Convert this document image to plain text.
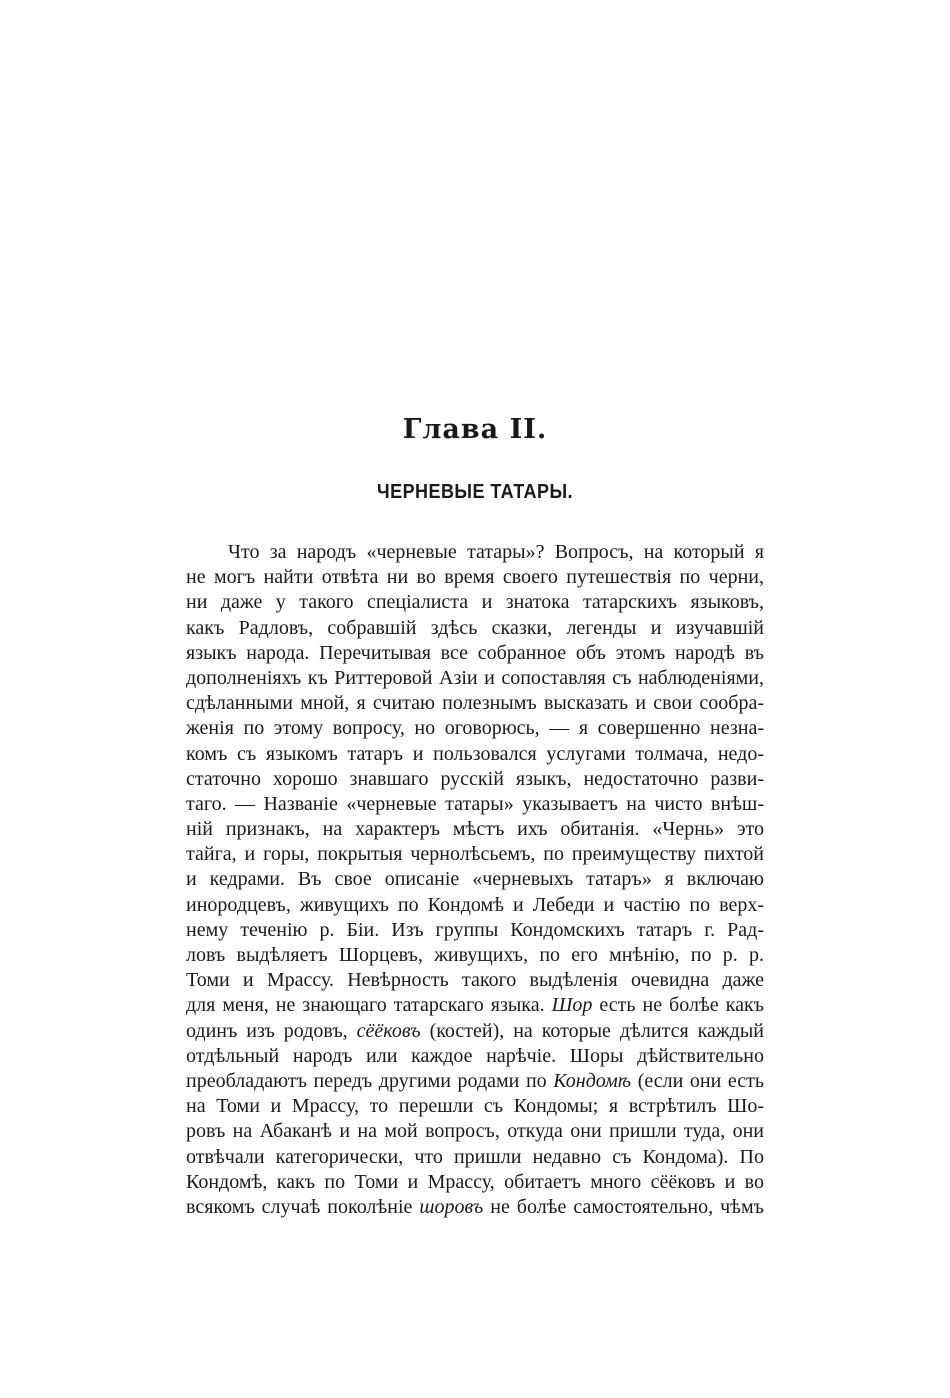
Глава II.
ЧЕРНЕВЫЕ ТАТАРЫ.
Что за народъ «черневые татары»? Вопросъ, на который я
не могъ найти отвѣта ни во время своего путешествія по черни,
ни даже у такого спеціалиста и знатока татарскихъ языковъ,
какъ Радловъ, собравшій здѣсь сказки, легенды и изучавшій
языкъ народа. Перечитывая все собранное объ этомъ народѣ въ
дополненіяхъ къ Риттеровой Азіи и сопоставляя съ наблюденіями,
сдѣланными мной, я считаю полезнымъ высказать и свои сообра-
женія по этому вопросу, но оговорюсь, — я совершенно незна-
комъ съ языкомъ татаръ и пользовался услугами толмача, недо-
статочно хорошо знавшаго русскій языкъ, недостаточно разви-
таго. — Названіе «черневые татары» указываетъ на чисто внѣш-
ній признакъ, на характеръ мѣстъ ихъ обитанія. «Чернь» это
тайга, и горы, покрытыя чернолѣсьемъ, по преимуществу пихтой
и кедрами. Въ свое описаніе «черневыхъ татаръ» я включаю
инородцевъ, живущихъ по Кондомѣ и Лебеди и частію по верх-
нему теченію р. Біи. Изъ группы Кондомскихъ татаръ г. Рад-
ловъ выдѣляетъ Шорцевъ, живущихъ, по его мнѣнію, по р. р.
Томи и Мрассу. Невѣрность такого выдѣленія очевидна даже
для меня, не знающаго татарскаго языка. Шор есть не болѣе какъ
одинъ изъ родовъ, сёёковъ (костей), на которые дѣлится каждый
отдѣльный народъ или каждое нарѣчіе. Шоры дѣйствительно
преобладаютъ передъ другими родами по Кондомѣ (если они есть
на Томи и Мрассу, то перешли съ Кондомы; я встрѣтилъ Шо-
ровъ на Абаканѣ и на мой вопросъ, откуда они пришли туда, они
отвѣчали категорически, что пришли недавно съ Кондома). По
Кондомѣ, какъ по Томи и Мрассу, обитаетъ много сёёковъ и во
всякомъ случаѣ поколѣніе шоровъ не болѣе самостоятельно, чѣмъ
